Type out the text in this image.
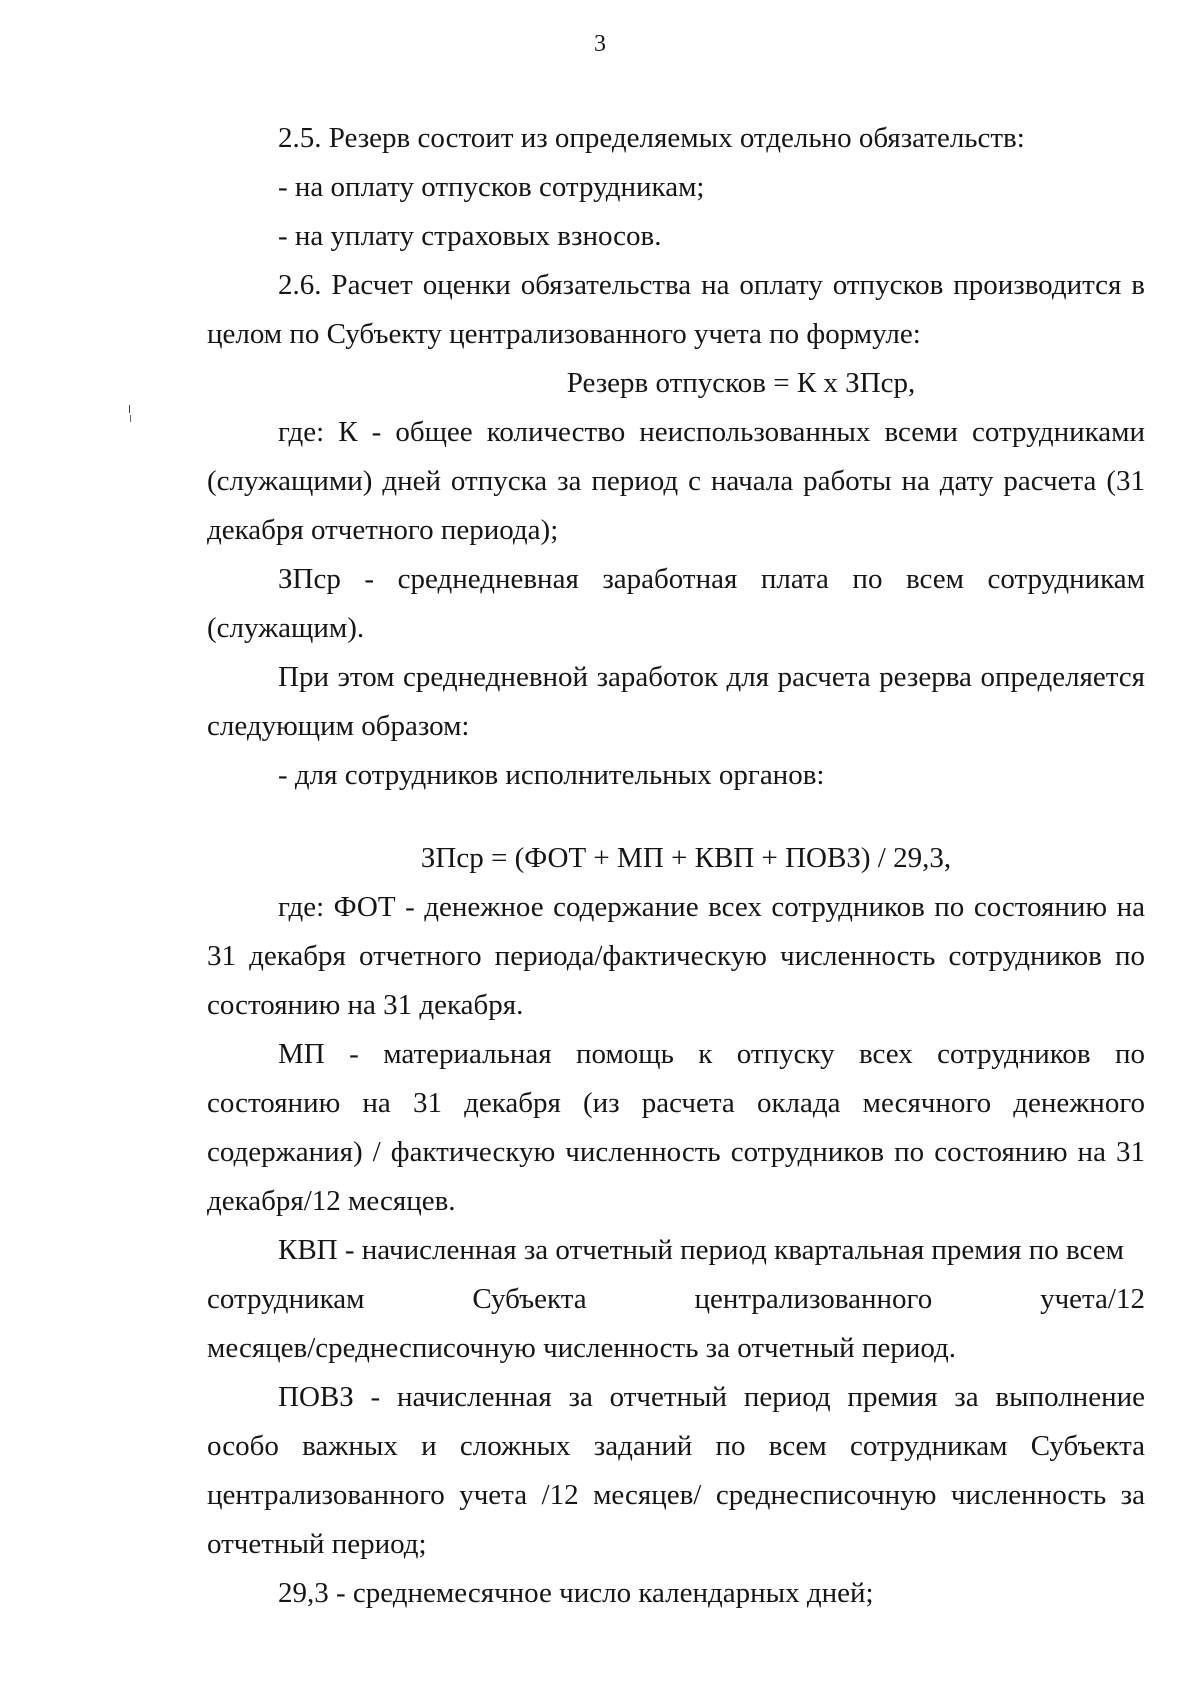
3

2.5. Резерв состоит из определяемых отдельно обязательств:

- на оплату отпусков сотрудникам;

- на уплату страховых взносов.

2.6. Расчет оценки обязательства на оплату отпусков производится в целом по Субъекту централизованного учета по формуле:

Резерв отпусков = К х ЗПср,

где: К - общее количество неиспользованных всеми сотрудниками (служащими) дней отпуска за период с начала работы на дату расчета (31 декабря отчетного периода);

ЗПср - среднедневная заработная плата по всем сотрудникам (служащим).

При этом среднедневной заработок для расчета резерва определяется следующим образом:

- для сотрудников исполнительных органов:

ЗПср = (ФОТ + МП + КВП + ПОВЗ) / 29,3,

где: ФОТ - денежное содержание всех сотрудников по состоянию на 31 декабря отчетного периода/фактическую численность сотрудников по состоянию на 31 декабря.

МП - материальная помощь к отпуску всех сотрудников по состоянию на 31 декабря (из расчета оклада месячного денежного содержания) / фактическую численность сотрудников по состоянию на 31 декабря/12 месяцев.

КВП - начисленная за отчетный период квартальная премия по всем

сотрудникам	Субъекта	централизованного	учета/12

месяцев/среднесписочную численность за отчетный период.

ПОВЗ - начисленная за отчетный период премия за выполнение особо важных и сложных заданий по всем сотрудникам Субъекта централизованного учета /12 месяцев/ среднесписочную численность за отчетный период;

29,3 - среднемесячное число календарных дней;
